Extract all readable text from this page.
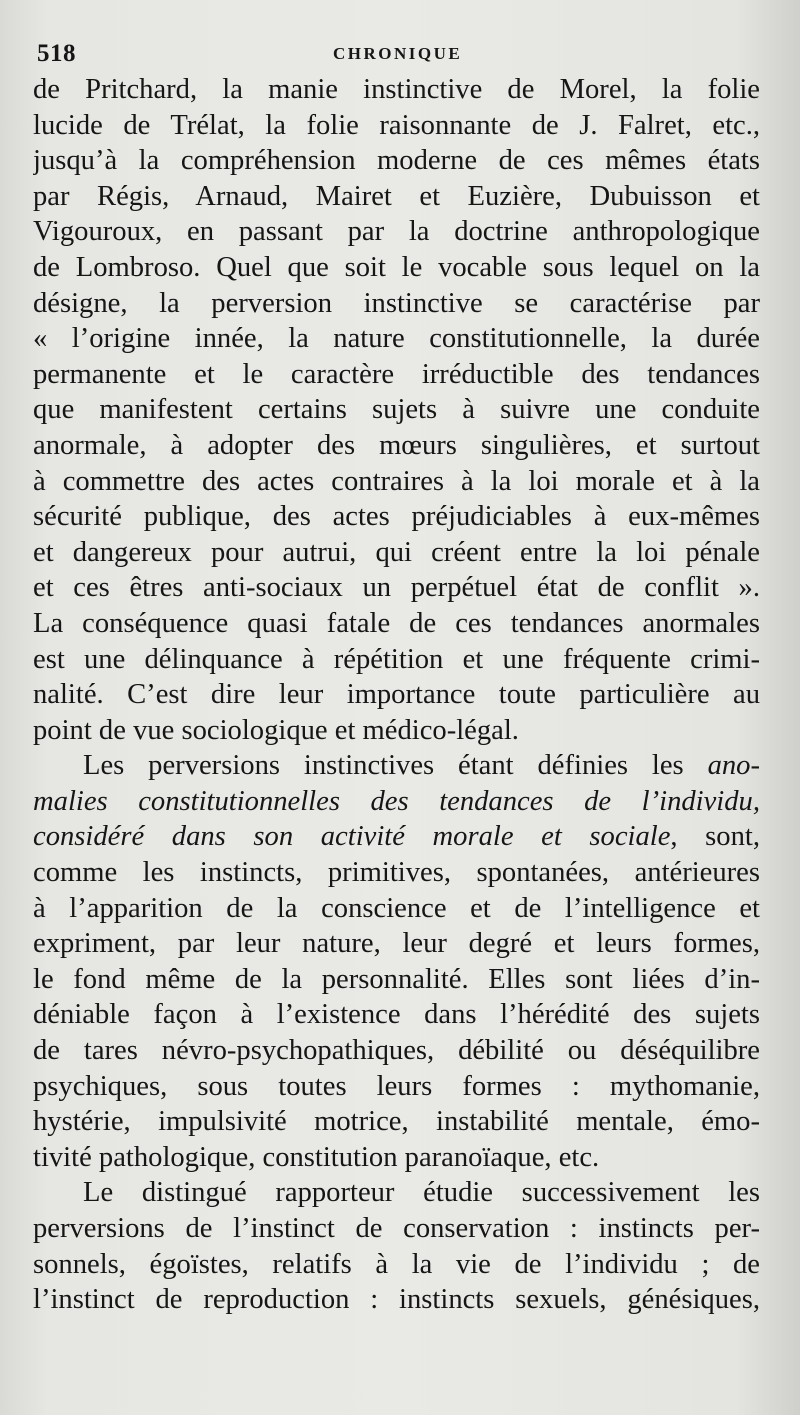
518	CHRONIQUE
de Pritchard, la manie instinctive de Morel, la folie
lucide de Trélat, la folie raisonnante de J. Falret, etc.,
jusqu’à la compréhension moderne de ces mêmes états
par Régis, Arnaud, Mairet et Euzière, Dubuisson et
Vigouroux, en passant par la doctrine anthropologique
de Lombroso. Quel que soit le vocable sous lequel on la
désigne, la perversion instinctive se caractérise par
« l’origine innée, la nature constitutionnelle, la durée
permanente et le caractère irréductible des tendances
que manifestent certains sujets à suivre une conduite
anormale, à adopter des mœurs singulières, et surtout
à commettre des actes contraires à la loi morale et à la
sécurité publique, des actes préjudiciables à eux-mêmes
et dangereux pour autrui, qui créent entre la loi pénale
et ces êtres anti-sociaux un perpétuel état de conflit ».
La conséquence quasi fatale de ces tendances anormales
est une délinquance à répétition et une fréquente crimi-
nalité. C’est dire leur importance toute particulière au
point de vue sociologique et médico-légal.
Les perversions instinctives étant définies les ano-
malies constitutionnelles des tendances de l’individu,
considéré dans son activité morale et sociale, sont,
comme les instincts, primitives, spontanées, antérieures
à l’apparition de la conscience et de l’intelligence et
expriment, par leur nature, leur degré et leurs formes,
le fond même de la personnalité. Elles sont liées d’in-
déniable façon à l’existence dans l’hérédité des sujets
de tares névro-psychopathiques, débilité ou déséquilibre
psychiques, sous toutes leurs formes : mythomanie,
hystérie, impulsivité motrice, instabilité mentale, émo-
tivité pathologique, constitution paranoïaque, etc.
Le distingué rapporteur étudie successivement les
perversions de l’instinct de conservation : instincts per-
sonnels, égoïstes, relatifs à la vie de l’individu ; de
l’instinct de reproduction : instincts sexuels, génésiques,
